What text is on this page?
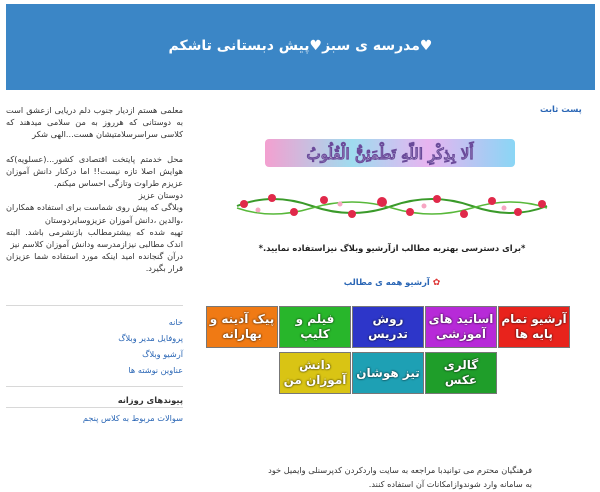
♥مدرسه ی سبز♥پیش دبستانی تاشکم

معلمی هستم ازدیار جنوب دلم دریایی ازعشق است به دوستانی که هرروز به من سلامی میدهند که کلاسی سراسرسلامتیشان هست...الهی شکر

محل خدمتم پایتخت اقتصادی کشور...(عسلویه)که هوایش اصلا تازه نیست!! اما درکنار دانش آموزان عزیزم طراوت وتازگی احساس میکنم.

دوستان عزیز

وبلاگی که پیش روی شماست برای استفاده همکاران ،والدین ،دانش آموزان عزیزوسایردوستان

تهیه شده که بیشترمطالب بازنشرمی باشد. البته اندک مطالبی نیزازمدرسه ودانش آموزان کلاسم نیز

درآن گنجانده امید اینکه مورد استفاده شما عزیزان قرار بگیرد.

خانه
پروفایل مدیر وبلاگ
آرشیو وبلاگ
عناوین نوشته ها
پیوندهای روزانه
سوالات مربوط به کلاس پنجم
پست ثابت
أَلا بِذِکْرِ اللّهِ تَطْمَئِنُّ الْقُلُوبُ
*برای دسترسی بهتربه مطالب ازآرشیو وبلاگ نیزاستفاده نمایید.*
✿ آرشیو همه ی مطالب
آرشیو تمام پایه ها
اساتید های آموزشی
روش تدریس
فیلم و کلیپ
پیک آدینه و بهارانه
گالری عکس
تیز هوشان
دانش آموزان من
فرهنگیان محترم می توانیدبا مراجعه به سایت واردکردن کدپرسنلی وایمیل خود
به سامانه وارد شوندوازامکانات آن استفاده کنند.
